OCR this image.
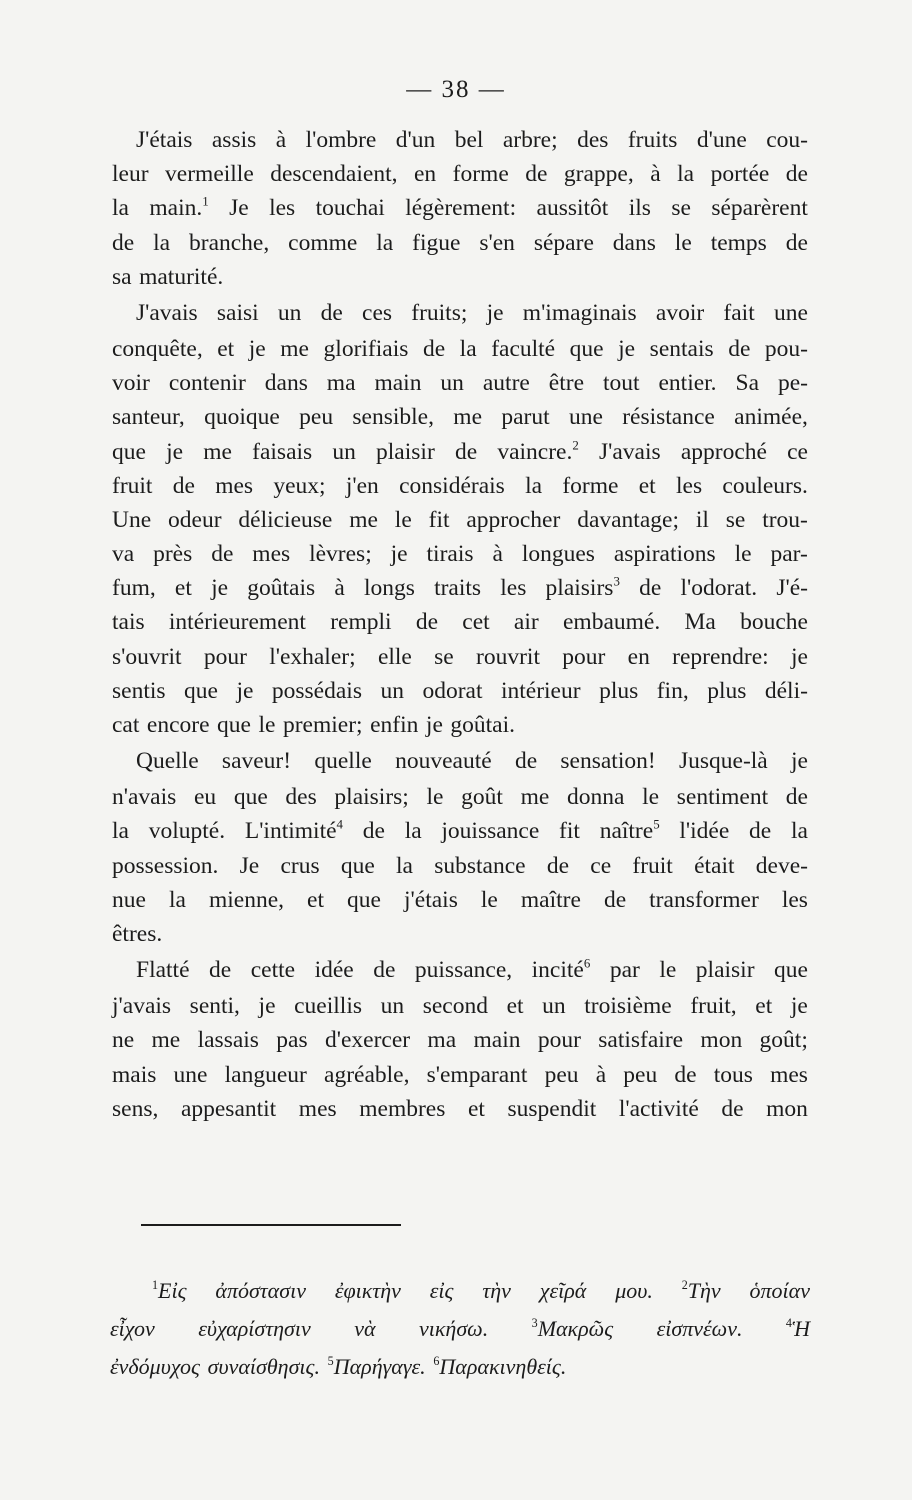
— 38 —
J'étais assis à l'ombre d'un bel arbre; des fruits d'une cou-
leur vermeille descendaient, en forme de grappe, à la portée de
la main.$^1$ Je les touchai légèrement: aussitôt ils se séparèrent
de la branche, comme la figue s'en sépare dans le temps de
sa maturité.
J'avais saisi un de ces fruits; je m'imaginais avoir fait une
conquête, et je me glorifiais de la faculté que je sentais de pou-
voir contenir dans ma main un autre être tout entier. Sa pe-
santeur, quoique peu sensible, me parut une résistance animée,
que je me faisais un plaisir de vaincre.$^2$ J'avais approché ce
fruit de mes yeux; j'en considérais la forme et les couleurs.
Une odeur délicieuse me le fit approcher davantage; il se trou-
va près de mes lèvres; je tirais à longues aspirations le par-
fum, et je goûtais à longs traits les plaisirs$^3$ de l'odorat. J'é-
tais intérieurement rempli de cet air embaumé. Ma bouche
s'ouvrit pour l'exhaler; elle se rouvrit pour en reprendre: je
sentis que je possédais un odorat intérieur plus fin, plus déli-
cat encore que le premier; enfin je goûtai.
Quelle saveur! quelle nouveauté de sensation! Jusque-là je
n'avais eu que des plaisirs; le goût me donna le sentiment de
la volupté. L'intimité$^4$ de la jouissance fit naître$^5$ l'idée de la
possession. Je crus que la substance de ce fruit était deve-
nue la mienne, et que j'étais le maître de transformer les
êtres.
Flatté de cette idée de puissance, incité$^6$ par le plaisir que
j'avais senti, je cueillis un second et un troisième fruit, et je
ne me lassais pas d'exercer ma main pour satisfaire mon goût;
mais une langueur agréable, s'emparant peu à peu de tous mes
sens, appesantit mes membres et suspendit l'activité de mon
$^1$Εἰς ἀπόστασιν ἐφικτὴν εἰς τὴν χεῖρά μου. $^2$Τὴν ὁποίαν
εἶχον εὐχαρίστησιν νὰ νικήσω.	$^3$Μακρῶς εἰσπνέων.	$^4$Ἡ
ἐνδόμυχος συναίσθησις. $^5$Παρήγαγε. $^6$Παρακινηθείς.
